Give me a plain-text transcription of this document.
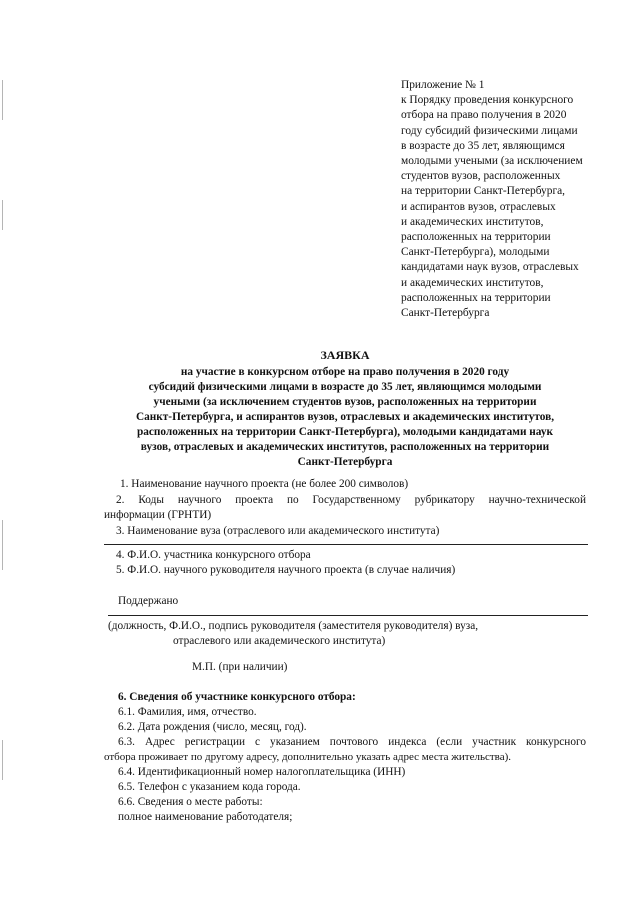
Приложение № 1
к Порядку проведения конкурсного
отбора на право получения в 2020
году субсидий физическими лицами
в возрасте до 35 лет, являющимся
молодыми учеными (за исключением
студентов вузов, расположенных
на территории Санкт-Петербурга,
и аспирантов вузов, отраслевых
и академических институтов,
расположенных на территории
Санкт-Петербурга), молодыми
кандидатами наук вузов, отраслевых
и академических институтов,
расположенных на территории
Санкт-Петербурга
ЗАЯВКА
на участие в конкурсном отборе на право получения в 2020 году
субсидий физическими лицами в возрасте до 35 лет, являющимся молодыми
учеными (за исключением студентов вузов, расположенных на территории
Санкт-Петербурга, и аспирантов вузов, отраслевых и академических институтов,
расположенных на территории Санкт-Петербурга), молодыми кандидатами наук
вузов, отраслевых и академических институтов, расположенных на территории
Санкт-Петербурга
1. Наименование научного проекта (не более 200 символов)
2. Коды научного проекта по Государственному рубрикатору научно-технической
информации (ГРНТИ)
3. Наименование вуза (отраслевого или академического института)
4. Ф.И.О. участника конкурсного отбора
5. Ф.И.О. научного руководителя научного проекта (в случае наличия)
Поддержано
(должность, Ф.И.О., подпись руководителя (заместителя руководителя) вуза,
отраслевого или академического института)
М.П. (при наличии)
6. Сведения об участнике конкурсного отбора:
6.1. Фамилия, имя, отчество.
6.2. Дата рождения (число, месяц, год).
6.3. Адрес регистрации с указанием почтового индекса (если участник конкурсного
отбора проживает по другому адресу, дополнительно указать адрес места жительства).
6.4. Идентификационный номер налогоплательщика (ИНН)
6.5. Телефон с указанием кода города.
6.6. Сведения о месте работы:
полное наименование работодателя;
